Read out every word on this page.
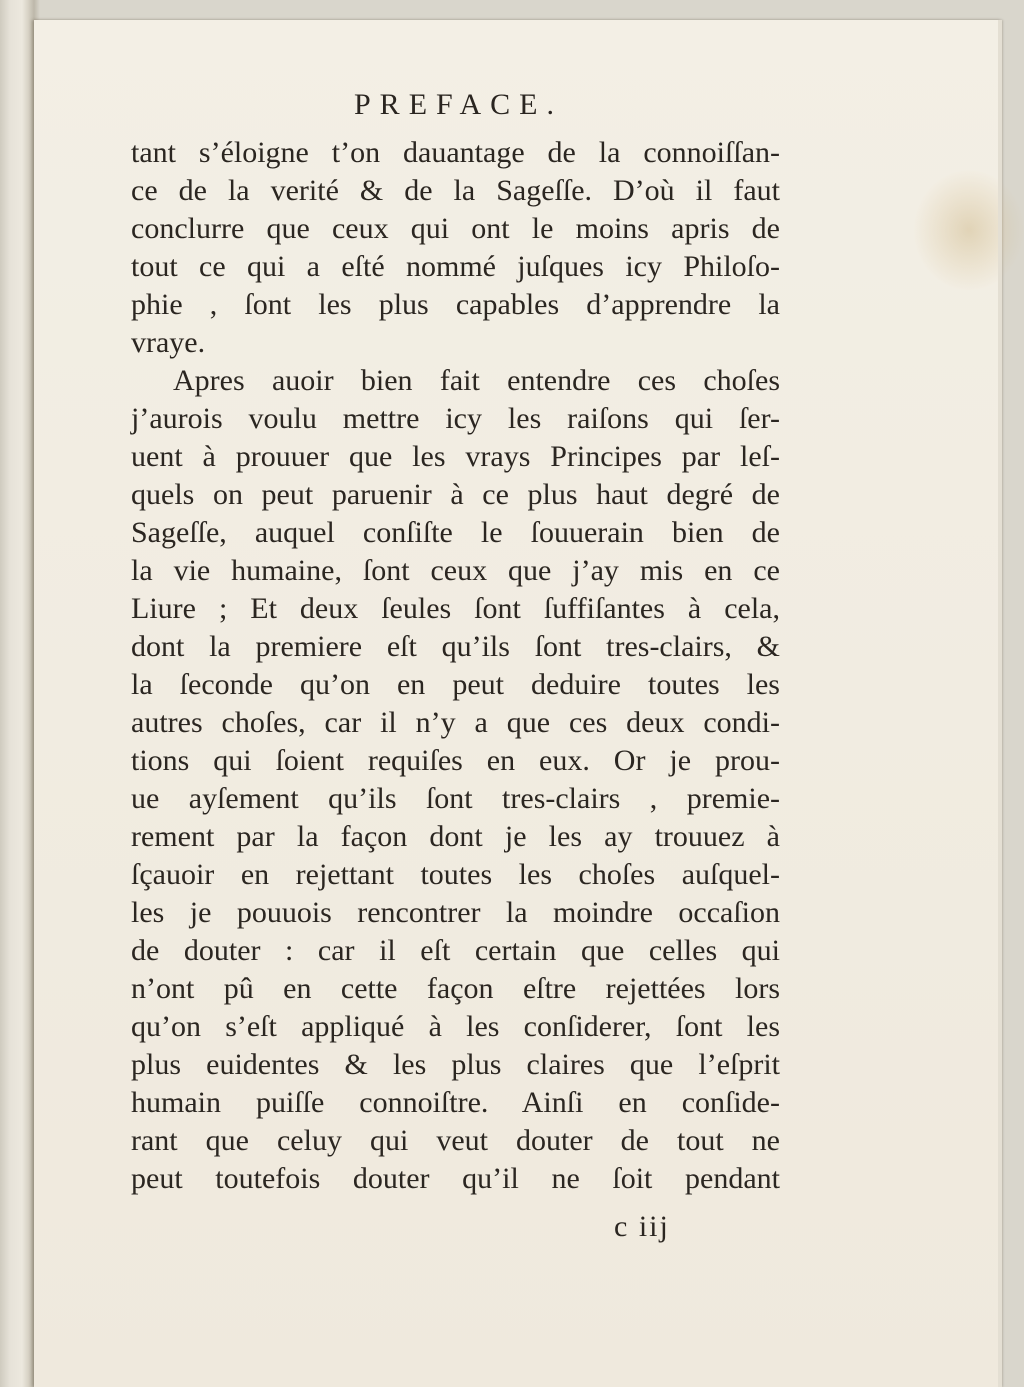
PREFACE.

tant s’éloigne t’on dauantage de la connoiſſan-

ce de la verité & de la Sageſſe. D’où il faut

conclurre que ceux qui ont le moins apris de

tout ce qui a eſté nommé juſques icy Philoſo-

phie , ſont les plus capables d’apprendre la

vraye.

Apres auoir bien fait entendre ces choſes

j’aurois voulu mettre icy les raiſons qui ſer-

uent à prouuer que les vrays Principes par leſ-

quels on peut paruenir à ce plus haut degré de

Sageſſe, auquel conſiſte le ſouuerain bien de

la vie humaine, ſont ceux que j’ay mis en ce

Liure ; Et deux ſeules ſont ſuffiſantes à cela,

dont la premiere eſt qu’ils ſont tres-clairs, &

la ſeconde qu’on en peut deduire toutes les

autres choſes, car il n’y a que ces deux condi-

tions qui ſoient requiſes en eux. Or je prou-

ue ayſement qu’ils ſont tres-clairs , premie-

rement par la façon dont je les ay trouuez à

ſçauoir en rejettant toutes les choſes auſquel-

les je pouuois rencontrer la moindre occaſion

de douter : car il eſt certain que celles qui

n’ont pû en cette façon eſtre rejettées lors

qu’on s’eſt appliqué à les conſiderer, ſont les

plus euidentes & les plus claires que l’eſprit

humain puiſſe connoiſtre. Ainſi en conſide-

rant que celuy qui veut douter de tout ne

peut toutefois douter qu’il ne ſoit pendant

c iij
